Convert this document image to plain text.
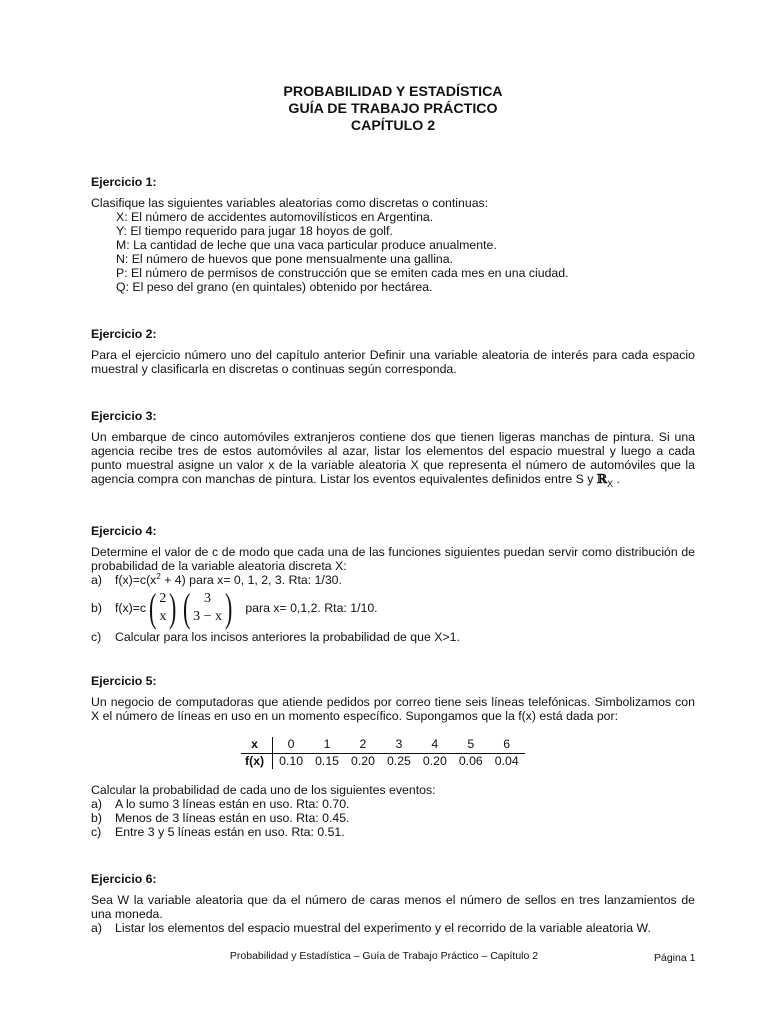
PROBABILIDAD Y ESTADÍSTICA
GUÍA DE TRABAJO PRÁCTICO
CAPÍTULO 2
Ejercicio 1:
Clasifique las siguientes variables aleatorias como discretas o continuas:
X: El número de accidentes automovilísticos en Argentina.
Y: El tiempo requerido para jugar 18 hoyos de golf.
M: La cantidad de leche que una vaca particular produce anualmente.
N: El número de huevos que pone mensualmente una gallina.
P: El número de permisos de construcción que se emiten cada mes en una ciudad.
Q: El peso del grano (en quintales) obtenido por hectárea.
Ejercicio 2:
Para el ejercicio número uno del capítulo anterior Definir una variable aleatoria de interés para cada espacio muestral y clasificarla en discretas o continuas según corresponda.
Ejercicio 3:
Un embarque de cinco automóviles extranjeros contiene dos que tienen ligeras manchas de pintura. Si una agencia recibe tres de estos automóviles al azar, listar los elementos del espacio muestral y luego a cada punto muestral asigne un valor x de la variable aleatoria X que representa el número de automóviles que la agencia compra con manchas de pintura. Listar los eventos equivalentes definidos entre S y ℝ$_X$ .
Ejercicio 4:
Determine el valor de c de modo que cada una de las funciones siguientes puedan servir como distribución de probabilidad de la variable aleatoria discreta X:
a)	$f(x)=c(x^2 + 4)$ para x= 0, 1, 2, 3. Rta: 1/30.
b)	f(x)=c ( 2
x ) ( 3
3 − x ) para x= 0,1,2. Rta: 1/10.
c)	Calcular para los incisos anteriores la probabilidad de que X>1.
Ejercicio 5:
Un negocio de computadoras que atiende pedidos por correo tiene seis líneas telefónicas. Simbolizamos con X el número de líneas en uso en un momento específico. Supongamos que la f(x) está dada por:
x	0	1	2	3	4	5	6
f(x)	0.10	0.15	0.20	0.25	0.20	0.06	0.04
Calcular la probabilidad de cada uno de los siguientes eventos:
a)	A lo sumo 3 líneas están en uso. Rta: 0.70.
b)	Menos de 3 líneas están en uso. Rta: 0.45.
c)	Entre 3 y 5 líneas están en uso. Rta: 0.51.
Ejercicio 6:
Sea W la variable aleatoria que da el número de caras menos el número de sellos en tres lanzamientos de una moneda.
a)	Listar los elementos del espacio muestral del experimento y el recorrido de la variable aleatoria W.
Probabilidad y Estadística – Guía de Trabajo Práctico – Capítulo 2	Página 1
